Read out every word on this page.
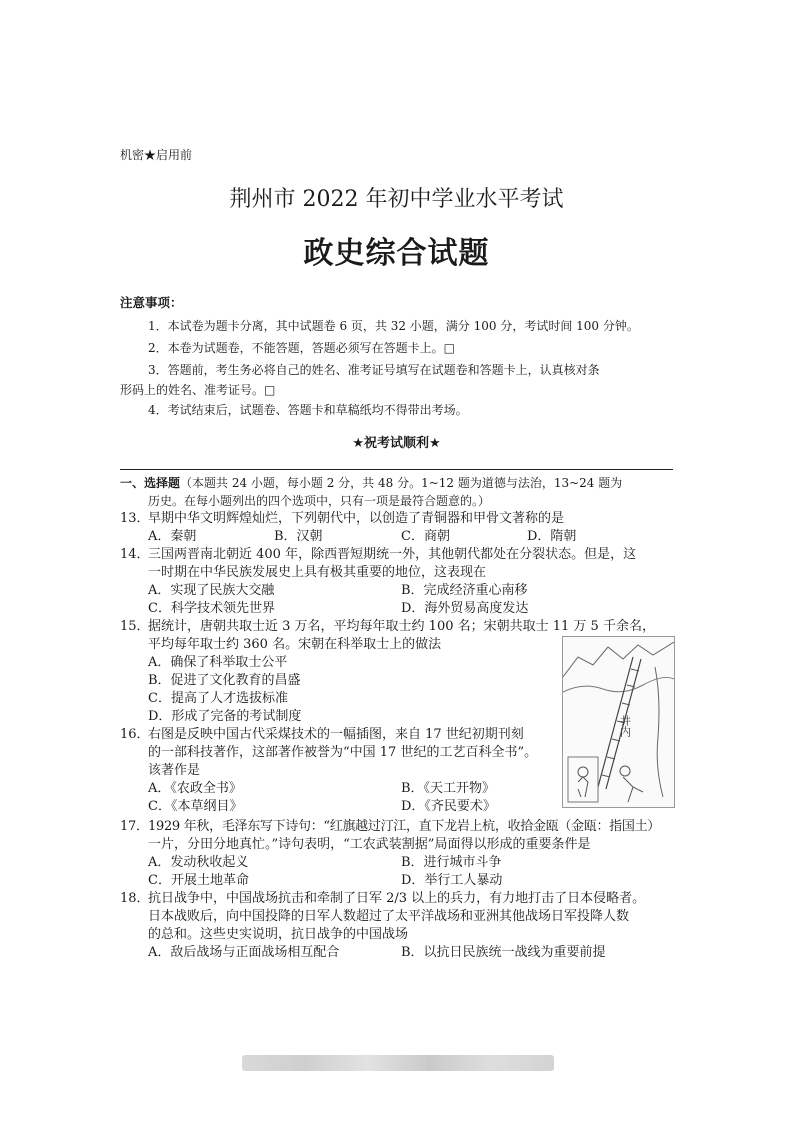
机密★启用前
荆州市 2022 年初中学业水平考试
政史综合试题
注意事项：
1．本试卷为题卡分离，其中试题卷 6 页，共 32 小题，满分 100 分，考试时间 100 分钟。
2．本卷为试题卷，不能答题，答题必须写在答题卡上。□
3．答题前，考生务必将自己的姓名、准考证号填写在试题卷和答题卡上，认真核对条
形码上的姓名、准考证号。□
4．考试结束后，试题卷、答题卡和草稿纸均不得带出考场。
★祝考试顺利★
一、选择题（本题共 24 小题，每小题 2 分，共 48 分。1~12 题为道德与法治，13~24 题为
历史。在每小题列出的四个选项中，只有一项是最符合题意的。）
13．早期中华文明辉煌灿烂，下列朝代中，以创造了青铜器和甲骨文著称的是
A．秦朝	B．汉朝	C．商朝	D．隋朝
14．三国两晋南北朝近 400 年，除西晋短期统一外，其他朝代都处在分裂状态。但是，这
一时期在中华民族发展史上具有极其重要的地位，这表现在
A．实现了民族大交融	B．完成经济重心南移
C．科学技术领先世界	D．海外贸易高度发达
15．据统计，唐朝共取士近 3 万名，平均每年取士约 100 名；宋朝共取士 11 万 5 千余名，
平均每年取士约 360 名。宋朝在科举取士上的做法
A．确保了科举取士公平
B．促进了文化教育的昌盛
C．提高了人才选拔标准
D．形成了完备的考试制度	井内
16．右图是反映中国古代采煤技术的一幅插图，来自 17 世纪初期刊刻
的一部科技著作，这部著作被誉为“中国 17 世纪的工艺百科全书”。
该著作是
A．《农政全书》	B．《天工开物》
C．《本草纲目》	D．《齐民要术》
17．1929 年秋，毛泽东写下诗句：“红旗越过汀江，直下龙岩上杭，收拾金瓯（金瓯：指国土）
一片，分田分地真忙。”诗句表明，“工农武装割据”局面得以形成的重要条件是
A．发动秋收起义	B．进行城市斗争
C．开展土地革命	D．举行工人暴动
18．抗日战争中，中国战场抗击和牵制了日军 2/3 以上的兵力，有力地打击了日本侵略者。
日本战败后，向中国投降的日军人数超过了太平洋战场和亚洲其他战场日军投降人数
的总和。这些史实说明，抗日战争的中国战场
A．敌后战场与正面战场相互配合	B．以抗日民族统一战线为重要前提
